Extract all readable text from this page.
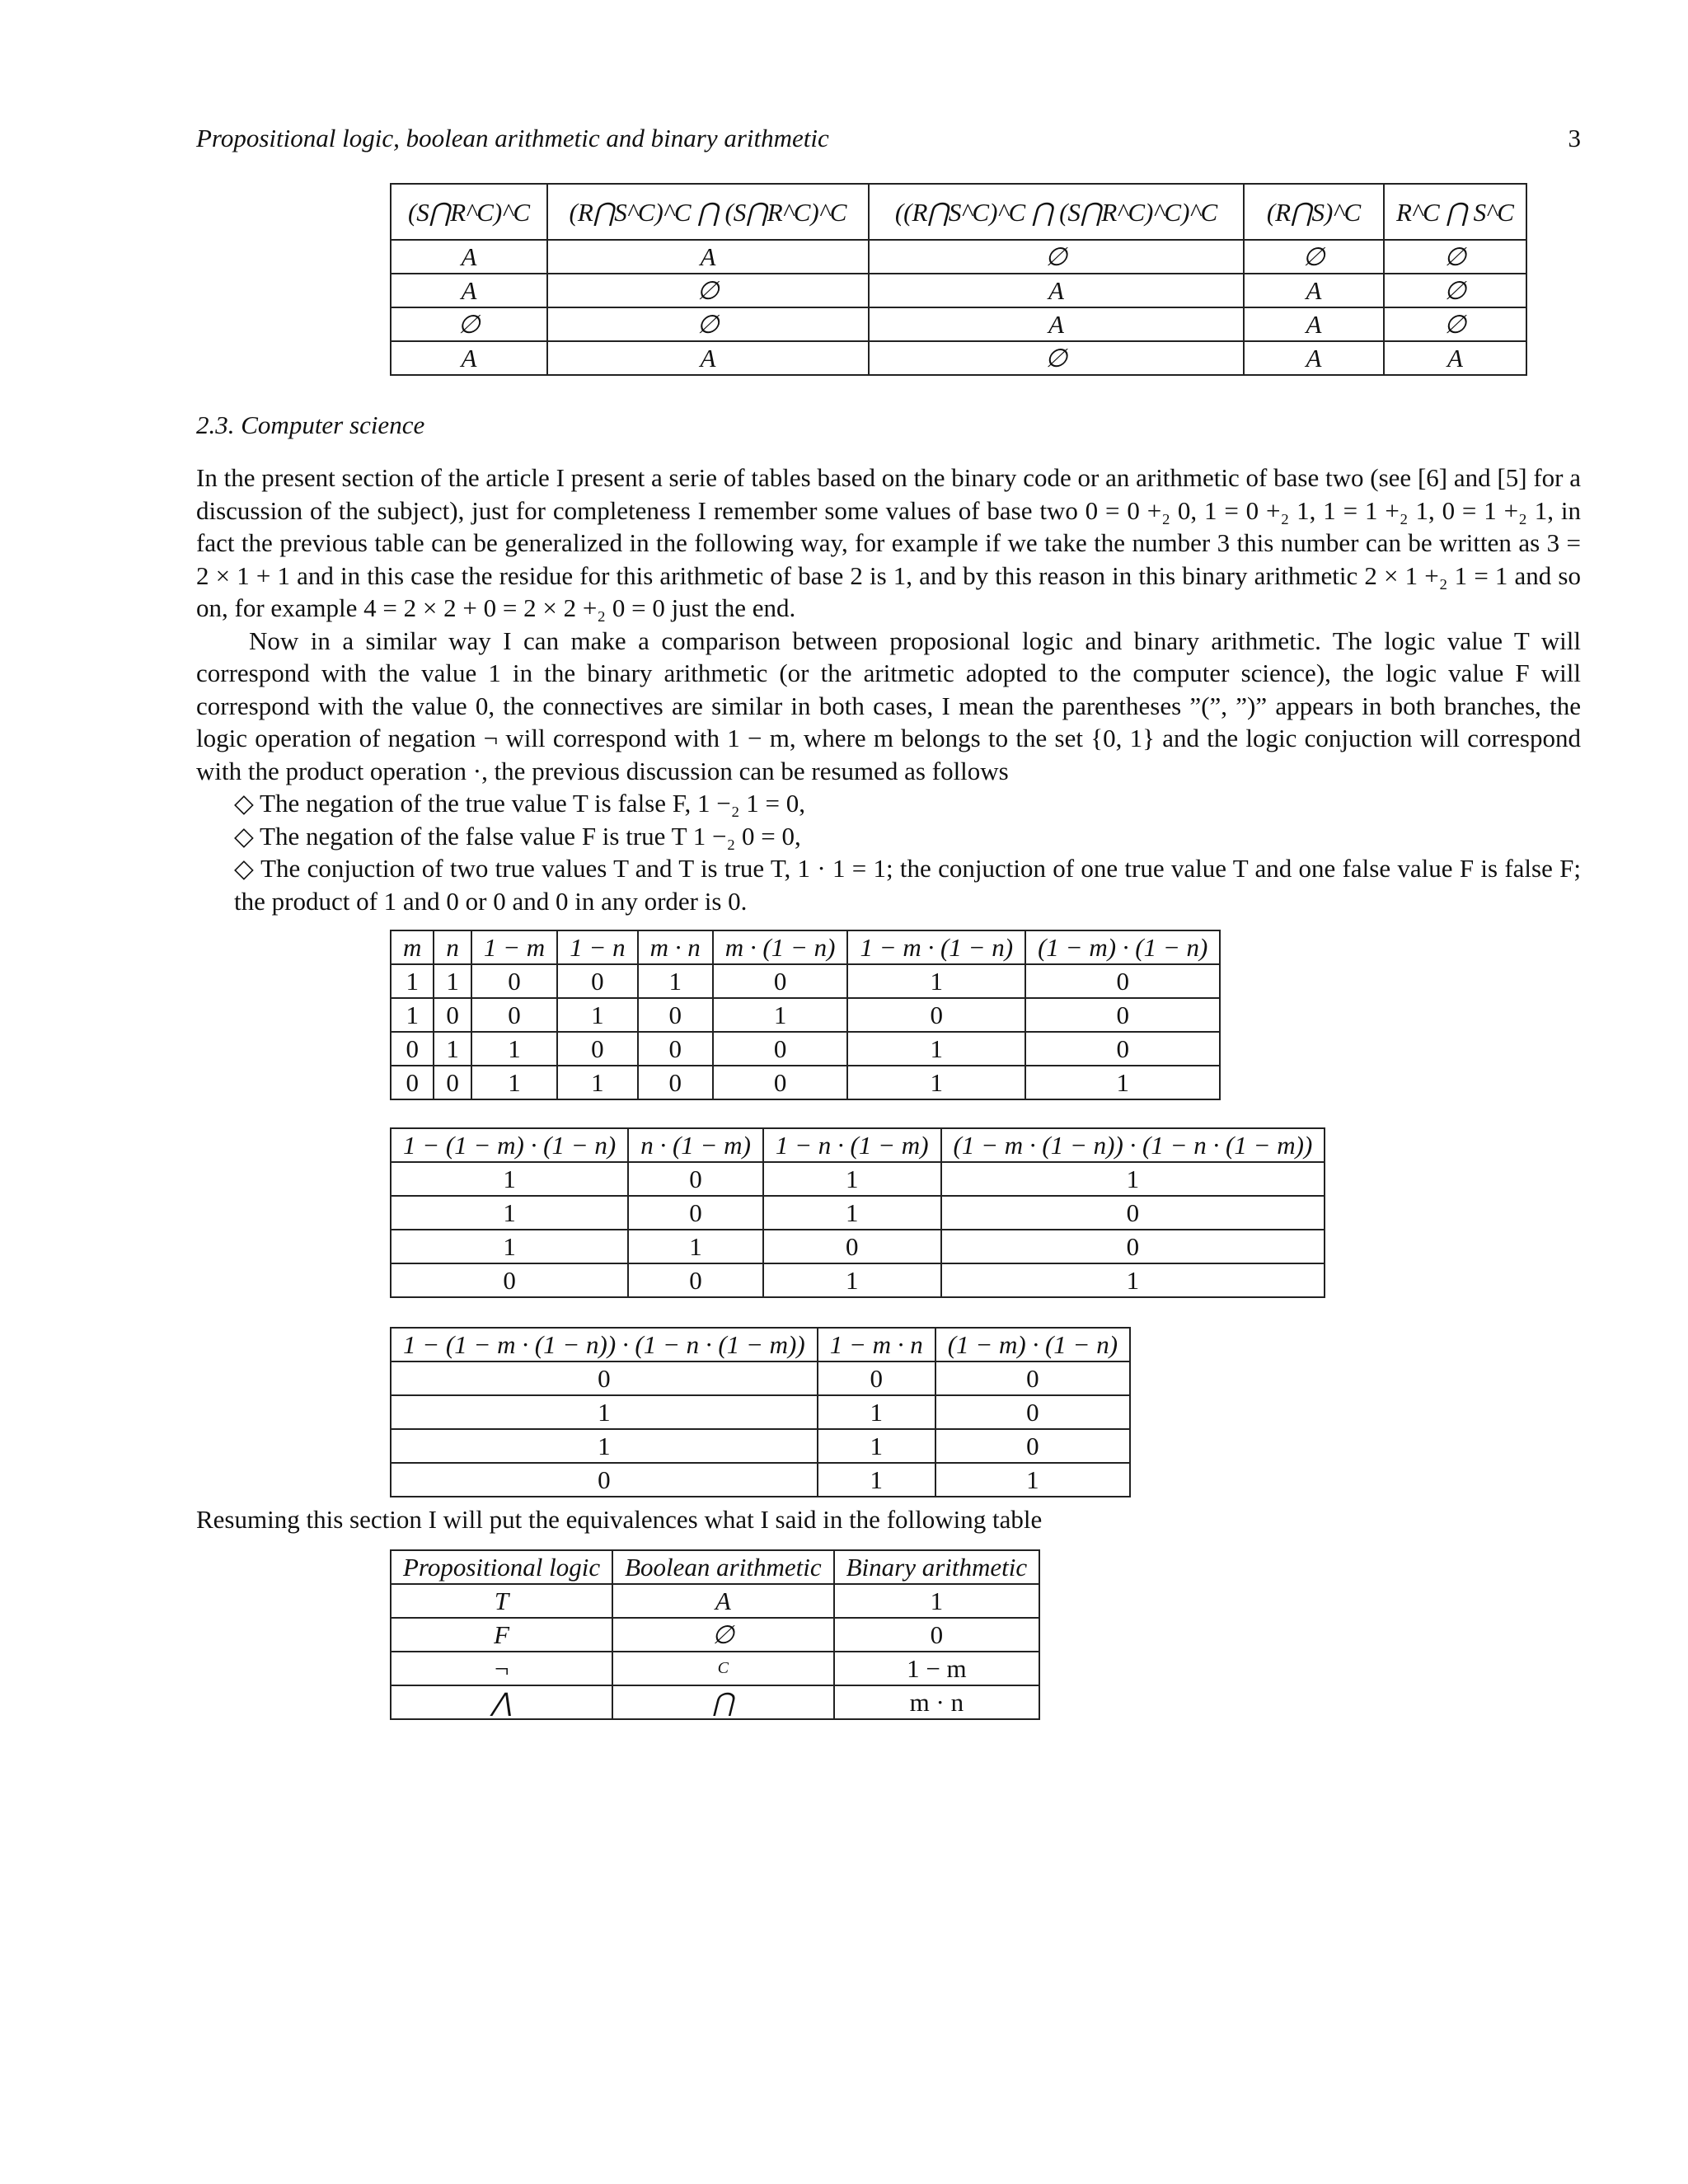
Propositional logic, boolean arithmetic and binary arithmetic	3
(S⋂R^C)^C	(R⋂S^C)^C ⋂ (S⋂R^C)^C	((R⋂S^C)^C ⋂ (S⋂R^C)^C)^C	(R⋂S)^C	R^C ⋂ S^C
A	A	∅	∅	∅
A	∅	A	A	∅
∅	∅	A	A	∅
A	A	∅	A	A
2.3. Computer science

In the present section of the article I present a serie of tables based on the binary code or an arithmetic of base two (see [6] and [5] for a discussion of the subject), just for completeness I remember some values of base two 0 = 0 +₂ 0, 1 = 0 +₂ 1, 1 = 1 +₂ 1, 0 = 1 +₂ 1, in fact the previous table can be generalized in the following way, for example if we take the number 3 this number can be written as 3 = 2 × 1 + 1 and in this case the residue for this arithmetic of base 2 is 1, and by this reason in this binary arithmetic 2 × 1 +₂ 1 = 1 and so on, for example 4 = 2 × 2 + 0 = 2 × 2 +₂ 0 = 0 just the end.

Now in a similar way I can make a comparison between proposional logic and binary arithmetic. The logic value T will correspond with the value 1 in the binary arithmetic (or the aritmetic adopted to the computer science), the logic value F will correspond with the value 0, the connectives are similar in both cases, I mean the parentheses ”(”, ”)” appears in both branches, the logic operation of negation ¬ will correspond with 1 − m, where m belongs to the set {0, 1} and the logic conjuction will correspond with the product operation ·, the previous discussion can be resumed as follows

◇ The negation of the true value T is false F, 1 −₂ 1 = 0,

◇ The negation of the false value F is true T 1 −₂ 0 = 0,

◇ The conjuction of two true values T and T is true T, 1 · 1 = 1; the conjuction of one true value T and one false value F is false F; the product of 1 and 0 or 0 and 0 in any order is 0.

m	n	1 − m	1 − n	m · n	m · (1 − n)	1 − m · (1 − n)	(1 − m) · (1 − n)
1	1	0	0	1	0	1	0
1	0	0	1	0	1	0	0
0	1	1	0	0	0	1	0
0	0	1	1	0	0	1	1
1 − (1 − m) · (1 − n)	n · (1 − m)	1 − n · (1 − m)	(1 − m · (1 − n)) · (1 − n · (1 − m))
1	0	1	1
1	0	1	0
1	1	0	0
0	0	1	1
1 − (1 − m · (1 − n)) · (1 − n · (1 − m))	1 − m · n	(1 − m) · (1 − n)
0	0	0
1	1	0
1	1	0
0	1	1
Resuming this section I will put the equivalences what I said in the following table
Propositional logic	Boolean arithmetic	Binary arithmetic
T	A	1
F	∅	0
¬	C	1 − m
⋀	⋂	m · n
